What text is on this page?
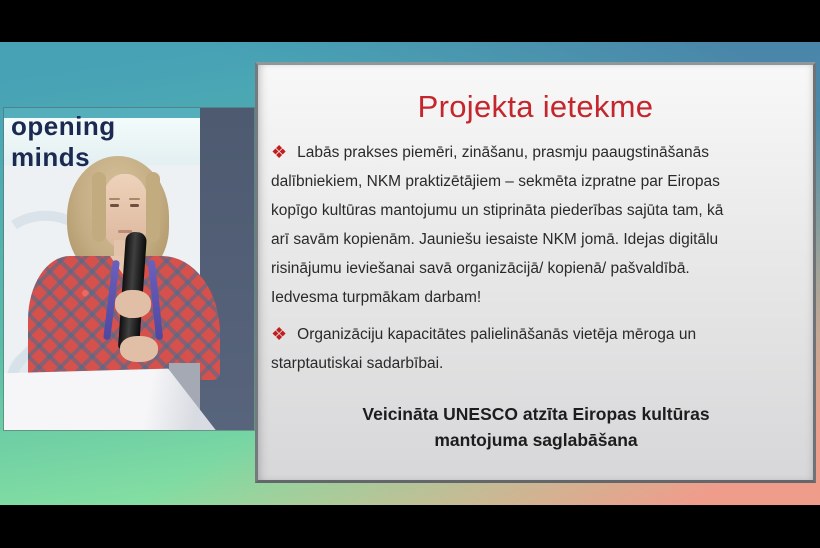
opening minds
Projekta ietekme
❖ Labās prakses piemēri, zināšanu, prasmju paaugstināšanās
dalībniekiem, NKM praktizētājiem – sekmēta izpratne par Eiropas
kopīgo kultūras mantojumu un stiprināta piederības sajūta tam, kā
arī savām kopienām. Jauniešu iesaiste NKM jomā. Idejas digitālu
risinājumu ieviešanai savā organizācijā/ kopienā/ pašvaldībā.
Iedvesma turpmākam darbam!
❖ Organizāciju kapacitātes palielināšanās vietēja mēroga un
starptautiskai sadarbībai.
Veicināta UNESCO atzīta Eiropas kultūras
mantojuma saglabāšana
